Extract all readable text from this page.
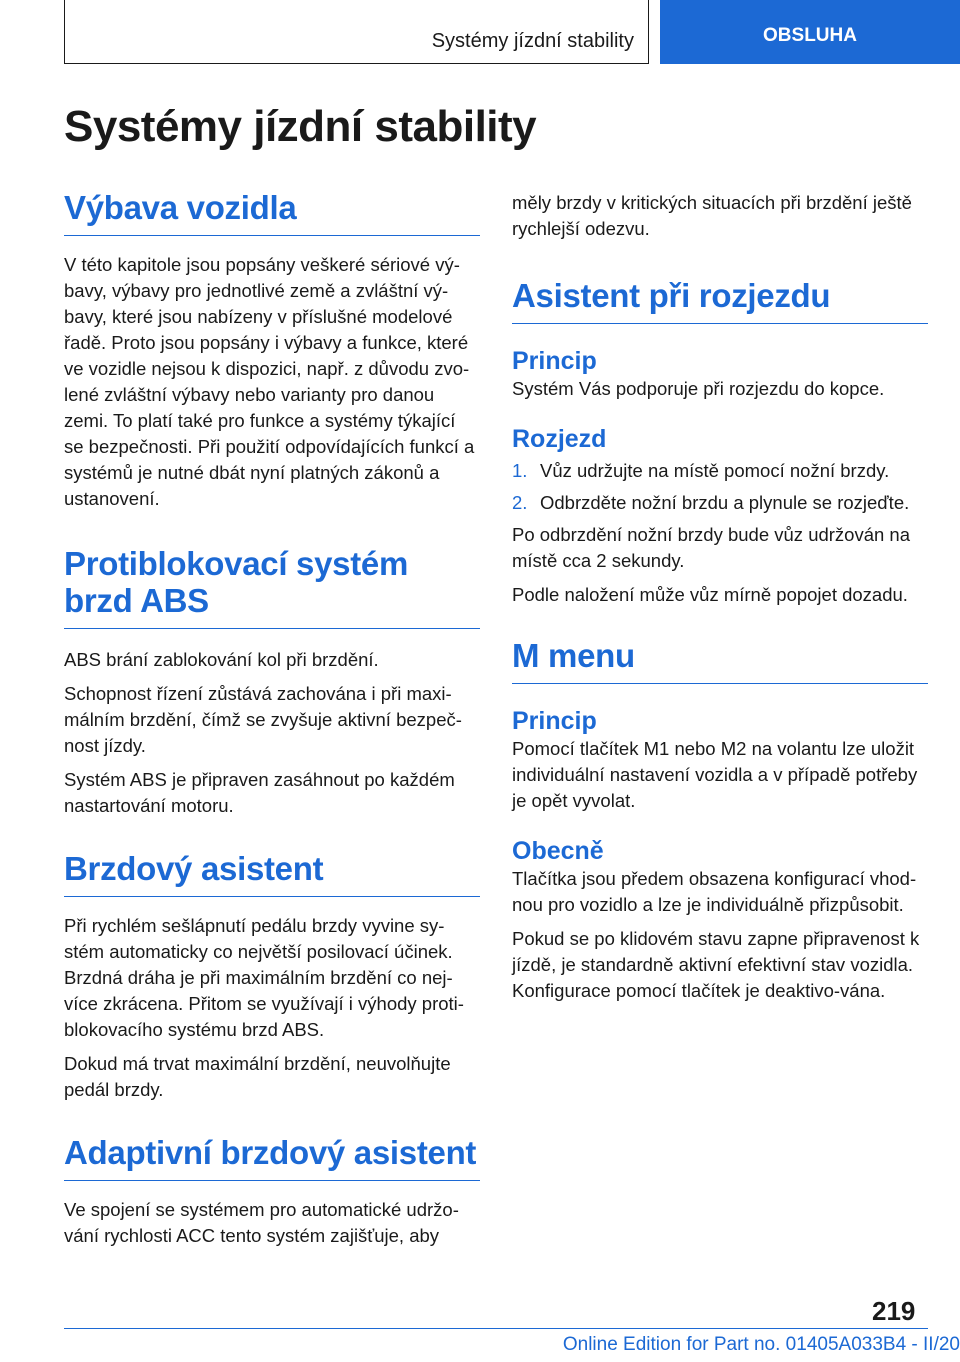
Systémy jízdní stability	OBSLUHA
Systémy jízdní stability
Výbava vozidla

V této kapitole jsou popsány veškeré sériové vý-bavy, výbavy pro jednotlivé země a zvláštní vý-bavy, které jsou nabízeny v příslušné modelové řadě. Proto jsou popsány i výbavy a funkce, které ve vozidle nejsou k dispozici, např. z důvodu zvo-lené zvláštní výbavy nebo varianty pro danou zemi. To platí také pro funkce a systémy týkající se bezpečnosti. Při použití odpovídajících funkcí a systémů je nutné dbát nyní platných zákonů a ustanovení.

Protiblokovací systém brzd ABS

ABS brání zablokování kol při brzdění.

Schopnost řízení zůstává zachována i při maxi-málním brzdění, čímž se zvyšuje aktivní bezpeč-nost jízdy.

Systém ABS je připraven zasáhnout po každém nastartování motoru.

Brzdový asistent

Při rychlém sešlápnutí pedálu brzdy vyvine sy-stém automaticky co největší posilovací účinek. Brzdná dráha je při maximálním brzdění co nej-více zkrácena. Přitom se využívají i výhody proti-blokovacího systému brzd ABS.

Dokud má trvat maximální brzdění, neuvolňujte pedál brzdy.

Adaptivní brzdový asistent

Ve spojení se systémem pro automatické udržo-vání rychlosti ACC tento systém zajišťuje, aby

měly brzdy v kritických situacích při brzdění ještě rychlejší odezvu.

Asistent při rozjezdu
Princip

Systém Vás podporuje při rozjezdu do kopce.

Rozjezd
1. Vůz udržujte na místě pomocí nožní brzdy.
2. Odbrzděte nožní brzdu a plynule se rozjeďte.

Po odbrzdění nožní brzdy bude vůz udržován na místě cca 2 sekundy.

Podle naložení může vůz mírně popojet dozadu.

M menu
Princip

Pomocí tlačítek M1 nebo M2 na volantu lze uložit individuální nastavení vozidla a v případě potřeby je opět vyvolat.

Obecně

Tlačítka jsou předem obsazena konfigurací vhod-nou pro vozidlo a lze je individuálně přizpůsobit.

Pokud se po klidovém stavu zapne připravenost k jízdě, je standardně aktivní efektivní stav vozidla. Konfigurace pomocí tlačítek je deaktivo-vána.

219
Online Edition for Part no. 01405A033B4 - II/20
